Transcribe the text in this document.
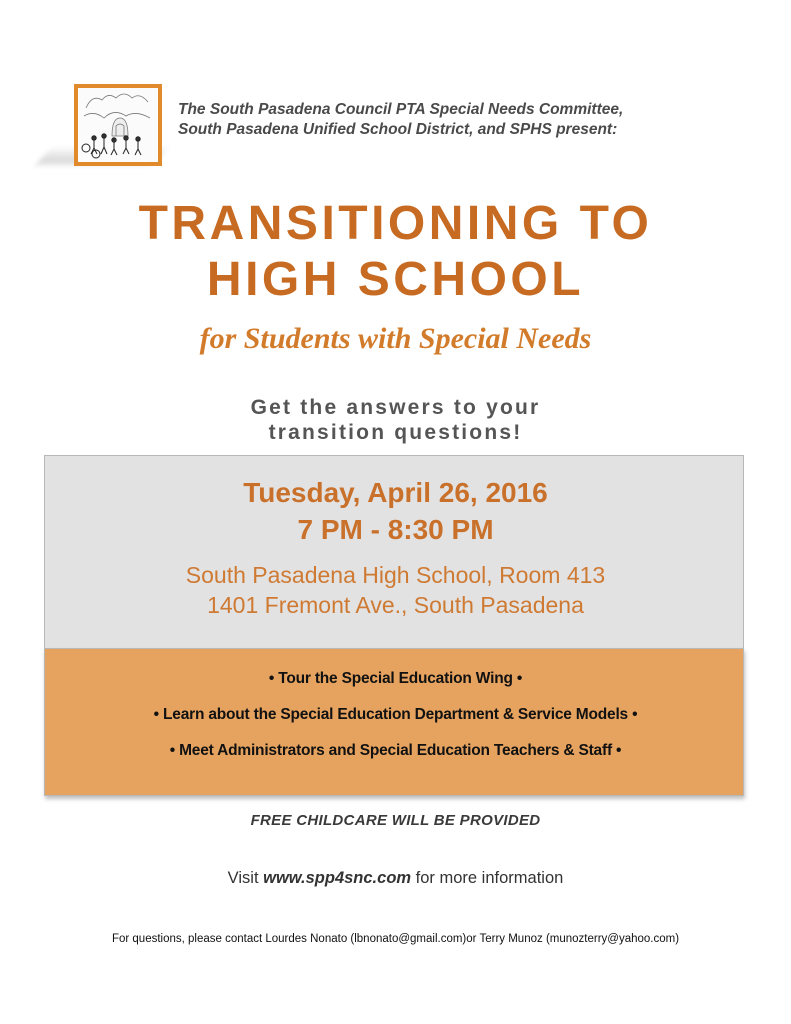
The South Pasadena Council PTA Special Needs Committee,
South Pasadena Unified School District, and SPHS present:
TRANSITIONING TO
HIGH SCHOOL
for Students with Special Needs
Get the answers to your
transition questions!
Tuesday, April 26, 2016
7 PM - 8:30 PM
South Pasadena High School, Room 413
1401 Fremont Ave., South Pasadena
• Tour the Special Education Wing •
• Learn about the Special Education Department & Service Models •
• Meet Administrators and Special Education Teachers & Staff •
FREE CHILDCARE WILL BE PROVIDED
Visit www.spp4snc.com for more information
For questions, please contact Lourdes Nonato (lbnonato@gmail.com)or Terry Munoz (munozterry@yahoo.com)
